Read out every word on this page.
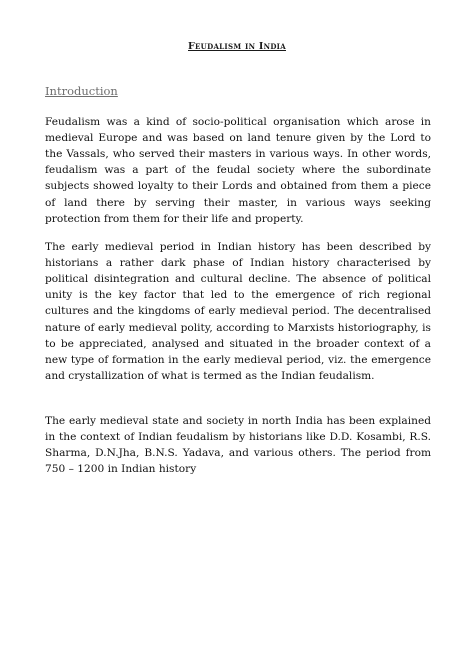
Feudalism in India
Introduction

Feudalism was a kind of socio-political organisation which arose in medieval Europe and was based on land tenure given by the Lord to the Vassals, who served their masters in various ways. In other words, feudalism was a part of the feudal society where the subordinate subjects showed loyalty to their Lords and obtained from them a piece of land there by serving their master, in various ways seeking protection from them for their life and property.

The early medieval period in Indian history has been described by historians a rather dark phase of Indian history characterised by political disintegration and cultural decline. The absence of political unity is the key factor that led to the emergence of rich regional cultures and the kingdoms of early medieval period. The decentralised nature of early medieval polity, according to Marxists historiography, is to be appreciated, analysed and situated in the broader context of a new type of formation in the early medieval period, viz. the emergence and crystallization of what is termed as the Indian feudalism.

The early medieval state and society in north India has been explained in the context of Indian feudalism by historians like D.D. Kosambi, R.S. Sharma, D.N.Jha, B.N.S. Yadava, and various others. The period from 750 – 1200 in Indian history
